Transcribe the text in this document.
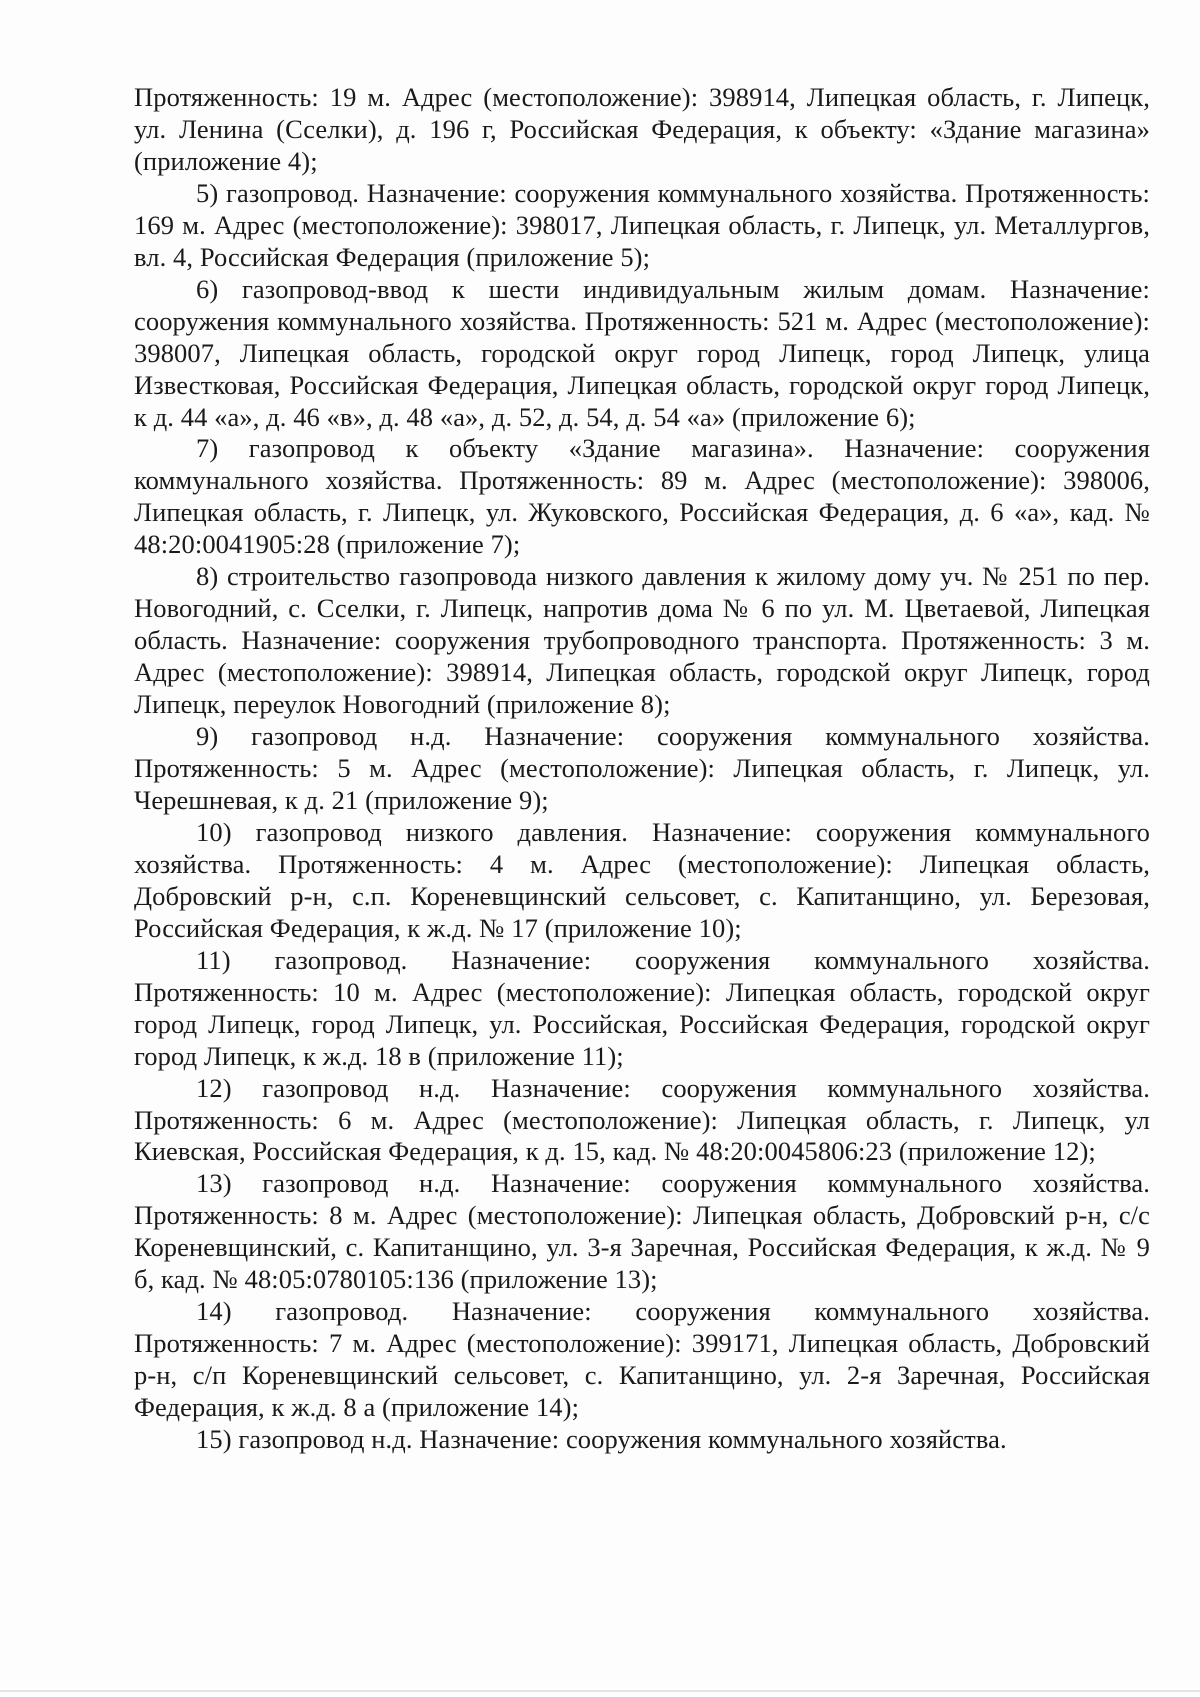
Протяженность: 19 м. Адрес (местоположение): 398914, Липецкая область, г. Липецк, ул. Ленина (Сселки), д. 196 г, Российская Федерация, к объекту: «Здание магазина» (приложение 4);

5) газопровод. Назначение: сооружения коммунального хозяйства. Протяженность: 169 м. Адрес (местоположение): 398017, Липецкая область, г. Липецк, ул. Металлургов, вл. 4, Российская Федерация (приложение 5);

6) газопровод-ввод к шести индивидуальным жилым домам. Назначение: сооружения коммунального хозяйства. Протяженность: 521 м. Адрес (местоположение): 398007, Липецкая область, городской округ город Липецк, город Липецк, улица Известковая, Российская Федерация, Липецкая область, городской округ город Липецк, к д. 44 «а», д. 46 «в», д. 48 «а», д. 52, д. 54, д. 54 «а» (приложение 6);

7) газопровод к объекту «Здание магазина». Назначение: сооружения коммунального хозяйства. Протяженность: 89 м. Адрес (местоположение): 398006, Липецкая область, г. Липецк, ул. Жуковского, Российская Федерация, д. 6 «а», кад. № 48:20:0041905:28 (приложение 7);

8) строительство газопровода низкого давления к жилому дому уч. № 251 по пер. Новогодний, с. Сселки, г. Липецк, напротив дома № 6 по ул. М. Цветаевой, Липецкая область. Назначение: сооружения трубопроводного транспорта. Протяженность: 3 м. Адрес (местоположение): 398914, Липецкая область, городской округ Липецк, город Липецк, переулок Новогодний (приложение 8);

9) газопровод н.д. Назначение: сооружения коммунального хозяйства. Протяженность: 5 м. Адрес (местоположение): Липецкая область, г. Липецк, ул. Черешневая, к д. 21 (приложение 9);

10) газопровод низкого давления. Назначение: сооружения коммунального хозяйства. Протяженность: 4 м. Адрес (местоположение): Липецкая область, Добровский р-н, с.п. Кореневщинский сельсовет, с. Капитанщино, ул. Березовая, Российская Федерация, к ж.д. № 17 (приложение 10);

11) газопровод. Назначение: сооружения коммунального хозяйства. Протяженность: 10 м. Адрес (местоположение): Липецкая область, городской округ город Липецк, город Липецк, ул. Российская, Российская Федерация, городской округ город Липецк, к ж.д. 18 в (приложение 11);

12) газопровод н.д. Назначение: сооружения коммунального хозяйства. Протяженность: 6 м. Адрес (местоположение): Липецкая область, г. Липецк, ул Киевская, Российская Федерация, к д. 15, кад. № 48:20:0045806:23 (приложение 12);

13) газопровод н.д. Назначение: сооружения коммунального хозяйства. Протяженность: 8 м. Адрес (местоположение): Липецкая область, Добровский р-н, с/с Кореневщинский, с. Капитанщино, ул. 3-я Заречная, Российская Федерация, к ж.д. № 9 б, кад. № 48:05:0780105:136 (приложение 13);

14) газопровод. Назначение: сооружения коммунального хозяйства. Протяженность: 7 м. Адрес (местоположение): 399171, Липецкая область, Добровский р-н, с/п Кореневщинский сельсовет, с. Капитанщино, ул. 2-я Заречная, Российская Федерация, к ж.д. 8 а (приложение 14);

15) газопровод н.д. Назначение: сооружения коммунального хозяйства.
